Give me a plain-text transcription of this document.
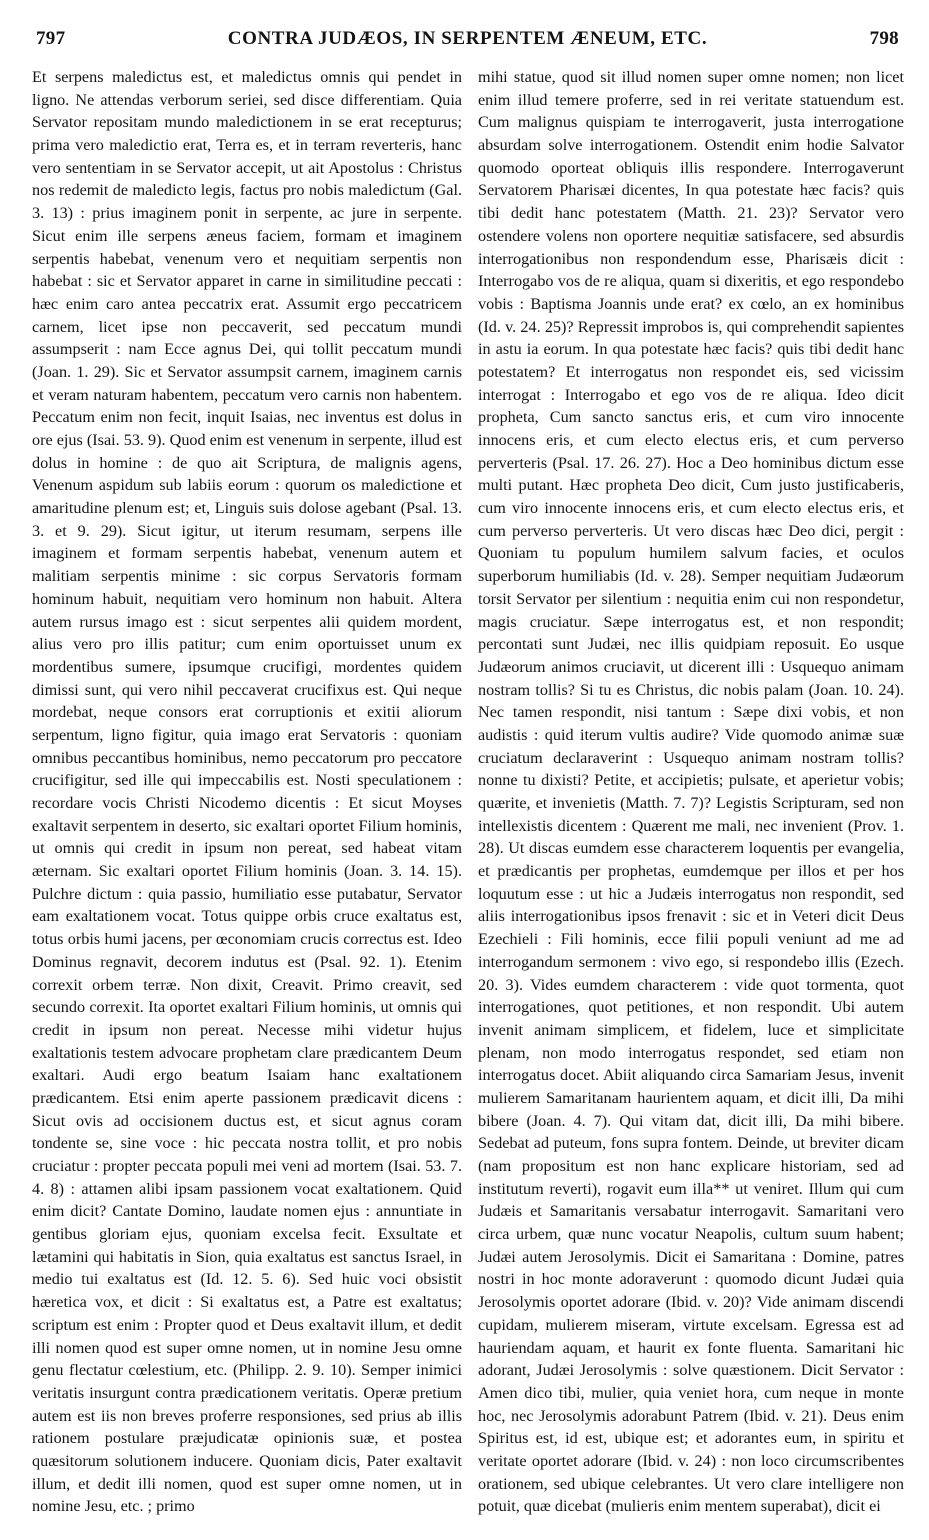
797	CONTRA JUDÆOS, IN SERPENTEM ÆNEUM, ETC.	798

Et serpens maledictus est, et maledictus omnis qui pendet in ligno. Ne attendas verborum seriei, sed disce differentiam. Quia Servator repositam mundo maledictionem in se erat recepturus; prima vero maledictio erat, Terra es, et in terram reverteris, hanc vero sententiam in se Servator accepit, ut ait Apostolus : Christus nos redemit de maledicto legis, factus pro nobis maledictum (Gal. 3. 13) : prius imaginem ponit in serpente, ac jure in serpente. Sicut enim ille serpens æneus faciem, formam et imaginem serpentis habebat, venenum vero et nequitiam serpentis non habebat : sic et Servator apparet in carne in similitudine peccati : hæc enim caro antea peccatrix erat. Assumit ergo peccatricem carnem, licet ipse non peccaverit, sed peccatum mundi assumpserit : nam Ecce agnus Dei, qui tollit peccatum mundi (Joan. 1. 29). Sic et Servator assumpsit carnem, imaginem carnis et veram naturam habentem, peccatum vero carnis non habentem. Peccatum enim non fecit, inquit Isaias, nec inventus est dolus in ore ejus (Isai. 53. 9). Quod enim est venenum in serpente, illud est dolus in homine : de quo ait Scriptura, de malignis agens, Venenum aspidum sub labiis eorum : quorum os maledictione et amaritudine plenum est; et, Linguis suis dolose agebant (Psal. 13. 3. et 9. 29). Sicut igitur, ut iterum resumam, serpens ille imaginem et formam serpentis habebat, venenum autem et malitiam serpentis minime : sic corpus Servatoris formam hominum habuit, nequitiam vero hominum non habuit. Altera autem rursus imago est : sicut serpentes alii quidem mordent, alius vero pro illis patitur; cum enim oportuisset unum ex mordentibus sumere, ipsumque crucifigi, mordentes quidem dimissi sunt, qui vero nihil peccaverat crucifixus est. Qui neque mordebat, neque consors erat corruptionis et exitii aliorum serpentum, ligno figitur, quia imago erat Servatoris : quoniam omnibus peccantibus hominibus, nemo peccatorum pro peccatore crucifigitur, sed ille qui impeccabilis est. Nosti speculationem : recordare vocis Christi Nicodemo dicentis : Et sicut Moyses exaltavit serpentem in deserto, sic exaltari oportet Filium hominis, ut omnis qui credit in ipsum non pereat, sed habeat vitam æternam. Sic exaltari oportet Filium hominis (Joan. 3. 14. 15). Pulchre dictum : quia passio, humiliatio esse putabatur, Servator eam exaltationem vocat. Totus quippe orbis cruce exaltatus est, totus orbis humi jacens, per œconomiam crucis correctus est. Ideo Dominus regnavit, decorem indutus est (Psal. 92. 1). Etenim correxit orbem terræ. Non dixit, Creavit. Primo creavit, sed secundo correxit. Ita oportet exaltari Filium hominis, ut omnis qui credit in ipsum non pereat. Necesse mihi videtur hujus exaltationis testem advocare prophetam clare prædicantem Deum exaltari. Audi ergo beatum Isaiam hanc exaltationem prædicantem. Etsi enim aperte passionem prædicavit dicens : Sicut ovis ad occisionem ductus est, et sicut agnus coram tondente se, sine voce : hic peccata nostra tollit, et pro nobis cruciatur : propter peccata populi mei veni ad mortem (Isai. 53. 7. 4. 8) : attamen alibi ipsam passionem vocat exaltationem. Quid enim dicit? Cantate Domino, laudate nomen ejus : annuntiate in gentibus gloriam ejus, quoniam excelsa fecit. Exsultate et lætamini qui habitatis in Sion, quia exaltatus est sanctus Israel, in medio tui exaltatus est (Id. 12. 5. 6). Sed huic voci obsistit hæretica vox, et dicit : Si exaltatus est, a Patre est exaltatus; scriptum est enim : Propter quod et Deus exaltavit illum, et dedit illi nomen quod est super omne nomen, ut in nomine Jesu omne genu flectatur cœlestium, etc. (Philipp. 2. 9. 10). Semper inimici veritatis insurgunt contra prædicationem veritatis. Operæ pretium autem est iis non breves proferre responsiones, sed prius ab illis rationem postulare præjudicatæ opinionis suæ, et postea quæsitorum solutionem inducere. Quoniam dicis, Pater exaltavit illum, et dedit illi nomen, quod est super omne nomen, ut in nomine Jesu, etc. ; primo

mihi statue, quod sit illud nomen super omne nomen; non licet enim illud temere proferre, sed in rei veritate statuendum est. Cum malignus quispiam te interrogaverit, justa interrogatione absurdam solve interrogationem. Ostendit enim hodie Salvator quomodo oporteat obliquis illis respondere. Interrogaverunt Servatorem Pharisæi dicentes, In qua potestate hæc facis? quis tibi dedit hanc potestatem (Matth. 21. 23)? Servator vero ostendere volens non oportere nequitiæ satisfacere, sed absurdis interrogationibus non respondendum esse, Pharisæis dicit : Interrogabo vos de re aliqua, quam si dixeritis, et ego respondebo vobis : Baptisma Joannis unde erat? ex cœlo, an ex hominibus (Id. v. 24. 25)? Repressit improbos is, qui comprehendit sapientes in astu ia eorum. In qua potestate hæc facis? quis tibi dedit hanc potestatem? Et interrogatus non respondet eis, sed vicissim interrogat : Interrogabo et ego vos de re aliqua. Ideo dicit propheta, Cum sancto sanctus eris, et cum viro innocente innocens eris, et cum electo electus eris, et cum perverso perverteris (Psal. 17. 26. 27). Hoc a Deo hominibus dictum esse multi putant. Hæc propheta Deo dicit, Cum justo justificaberis, cum viro innocente innocens eris, et cum electo electus eris, et cum perverso perverteris. Ut vero discas hæc Deo dici, pergit : Quoniam tu populum humilem salvum facies, et oculos superborum humiliabis (Id. v. 28). Semper nequitiam Judæorum torsit Servator per silentium : nequitia enim cui non respondetur, magis cruciatur. Sæpe interrogatus est, et non respondit; percontati sunt Judæi, nec illis quidpiam reposuit. Eo usque Judæorum animos cruciavit, ut dicerent illi : Usquequo animam nostram tollis? Si tu es Christus, dic nobis palam (Joan. 10. 24). Nec tamen respondit, nisi tantum : Sæpe dixi vobis, et non audistis : quid iterum vultis audire? Vide quomodo animæ suæ cruciatum declaraverint : Usquequo animam nostram tollis? nonne tu dixisti? Petite, et accipietis; pulsate, et aperietur vobis; quærite, et invenietis (Matth. 7. 7)? Legistis Scripturam, sed non intellexistis dicentem : Quærent me mali, nec invenient (Prov. 1. 28). Ut discas eumdem esse characterem loquentis per evangelia, et prædicantis per prophetas, eumdemque per illos et per hos loquutum esse : ut hic a Judæis interrogatus non respondit, sed aliis interrogationibus ipsos frenavit : sic et in Veteri dicit Deus Ezechieli : Fili hominis, ecce filii populi veniunt ad me ad interrogandum sermonem : vivo ego, si respondebo illis (Ezech. 20. 3). Vides eumdem characterem : vide quot tormenta, quot interrogationes, quot petitiones, et non respondit. Ubi autem invenit animam simplicem, et fidelem, luce et simplicitate plenam, non modo interrogatus respondet, sed etiam non interrogatus docet. Abiit aliquando circa Samariam Jesus, invenit mulierem Samaritanam haurientem aquam, et dicit illi, Da mihi bibere (Joan. 4. 7). Qui vitam dat, dicit illi, Da mihi bibere. Sedebat ad puteum, fons supra fontem. Deinde, ut breviter dicam (nam propositum est non hanc explicare historiam, sed ad institutum reverti), rogavit eum illa** ut veniret. Illum qui cum Judæis et Samaritanis versabatur interrogavit. Samaritani vero circa urbem, quæ nunc vocatur Neapolis, cultum suum habent; Judæi autem Jerosolymis. Dicit ei Samaritana : Domine, patres nostri in hoc monte adoraverunt : quomodo dicunt Judæi quia Jerosolymis oportet adorare (Ibid. v. 20)? Vide animam discendi cupidam, mulierem miseram, virtute excelsam. Egressa est ad hauriendam aquam, et haurit ex fonte fluenta. Samaritani hic adorant, Judæi Jerosolymis : solve quæstionem. Dicit Servator : Amen dico tibi, mulier, quia veniet hora, cum neque in monte hoc, nec Jerosolymis adorabunt Patrem (Ibid. v. 21). Deus enim Spiritus est, id est, ubique est; et adorantes eum, in spiritu et veritate oportet adorare (Ibid. v. 24) : non loco circumscribentes orationem, sed ubique celebrantes. Ut vero clare intelligere non potuit, quæ dicebat (mulieris enim mentem superabat), dicit ei
